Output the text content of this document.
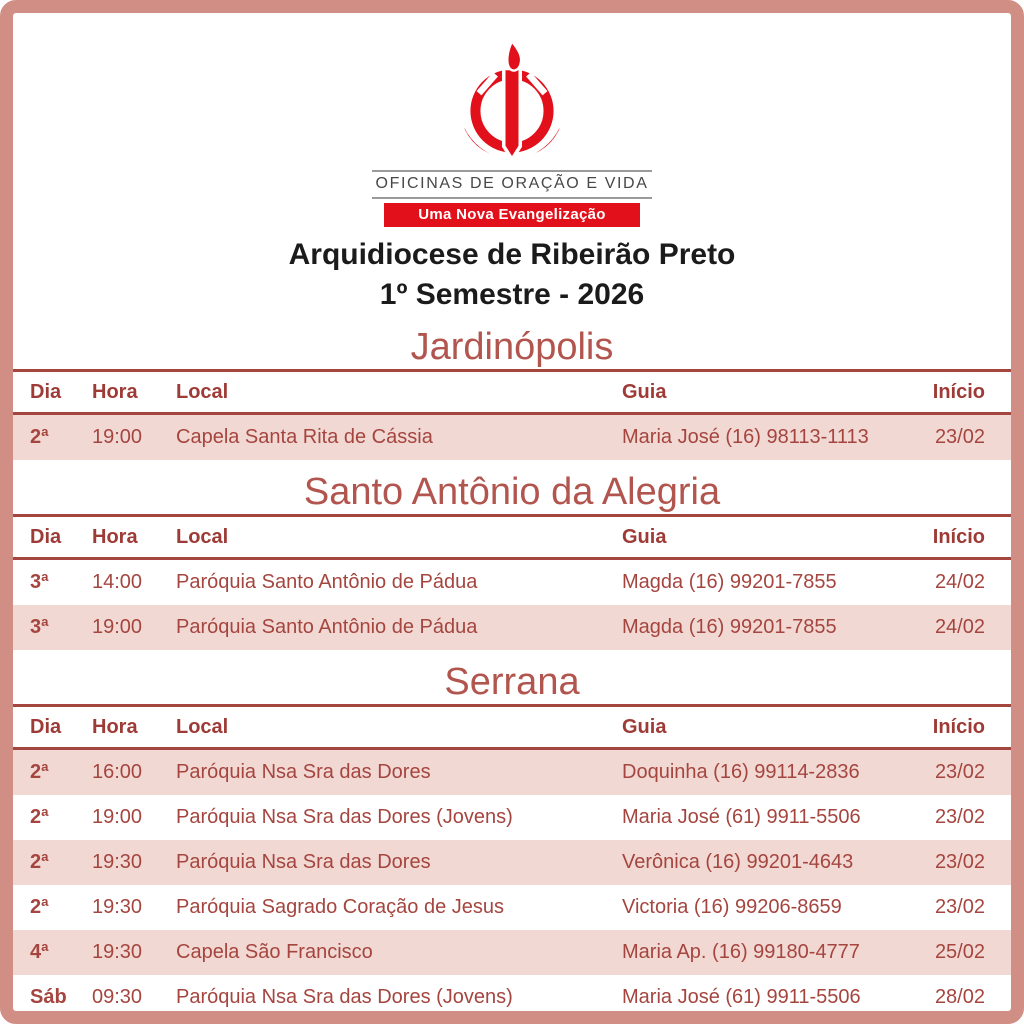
OFICINAS DE ORAÇÃO E VIDA
Uma Nova Evangelização
Arquidiocese de Ribeirão Preto
1º Semestre - 2026
Jardinópolis
Dia	Hora	Local	Guia	Início
2ª	19:00	Capela Santa Rita de Cássia	Maria José (16) 98113-1113	23/02
Santo Antônio da Alegria
Dia	Hora	Local	Guia	Início
3ª	14:00	Paróquia Santo Antônio de Pádua	Magda (16) 99201-7855	24/02
3ª	19:00	Paróquia Santo Antônio de Pádua	Magda (16) 99201-7855	24/02
Serrana
Dia	Hora	Local	Guia	Início
2ª	16:00	Paróquia Nsa Sra das Dores	Doquinha (16) 99114-2836	23/02
2ª	19:00	Paróquia Nsa Sra das Dores (Jovens)	Maria José (61) 9911-5506	23/02
2ª	19:30	Paróquia Nsa Sra das Dores	Verônica (16) 99201-4643	23/02
2ª	19:30	Paróquia Sagrado Coração de Jesus	Victoria (16) 99206-8659	23/02
4ª	19:30	Capela São Francisco	Maria Ap. (16) 99180-4777	25/02
Sáb	09:30	Paróquia Nsa Sra das Dores (Jovens)	Maria José (61) 9911-5506	28/02
